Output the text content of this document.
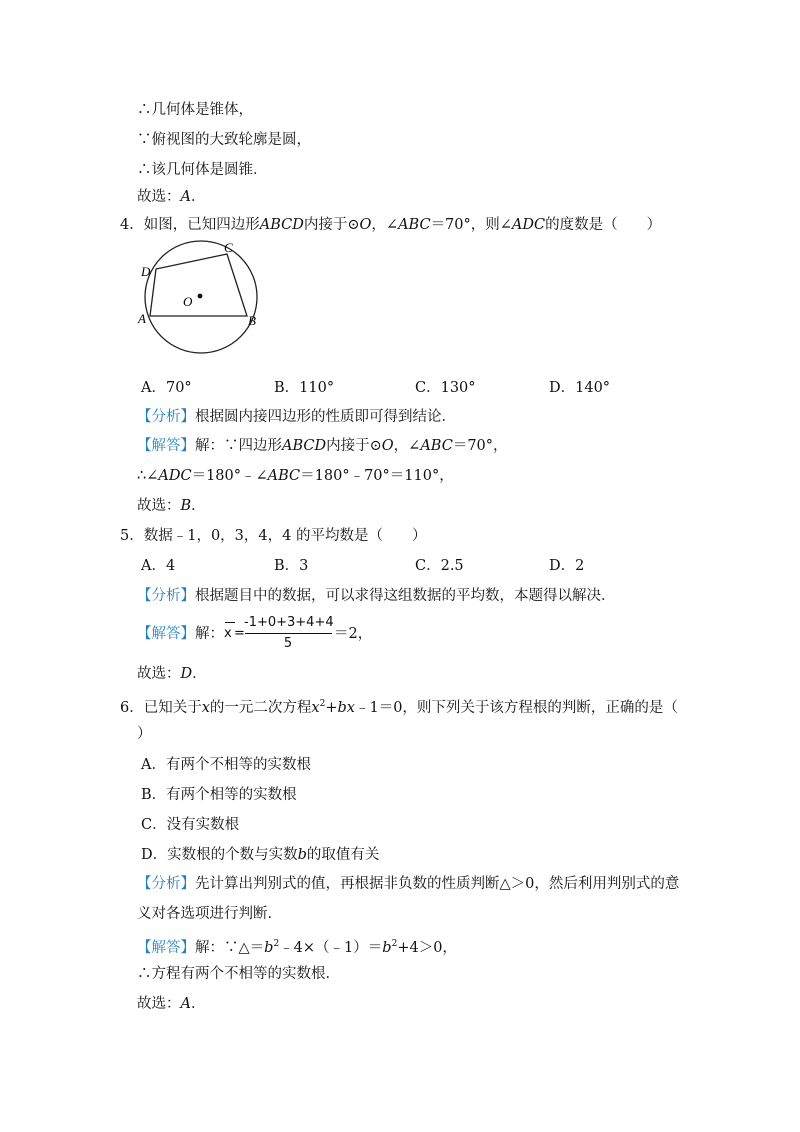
∴几何体是锥体，
∵俯视图的大致轮廓是圆，
∴该几何体是圆锥．
故选：A．
4．如图，已知四边形ABCD内接于⊙O，∠ABC＝70°，则∠ADC的度数是（　　）
A	B
C
D
O
A．70°	B．110°	C．130°	D．140°
【分析】根据圆内接四边形的性质即可得到结论．
【解答】解：∵四边形ABCD内接于⊙O，∠ABC＝70°，
∴∠ADC＝180°﹣∠ABC＝180°﹣70°＝110°，
故选：B．
5．数据﹣1，0，3，4，4 的平均数是（　　）
A．4	B．3	C．2.5	D．2
【分析】根据题目中的数据，可以求得这组数据的平均数，本题得以解决．
【解答】解： x =
-1+0+3+4+4
5
＝2，
故选：D．
6．已知关于x的一元二次方程$x^2+bx﹣1=0$，则下列关于该方程根的判断，正确的是（
）
A．有两个不相等的实数根
B．有两个相等的实数根
C．没有实数根
D．实数根的个数与实数b的取值有关
【分析】先计算出判别式的值，再根据非负数的性质判断△＞0，然后利用判别式的意
义对各选项进行判断．
【解答】解：$\because\triangle=b^2﹣4\times(﹣1)=b^2+4>0$，
∴方程有两个不相等的实数根．
故选：A．
